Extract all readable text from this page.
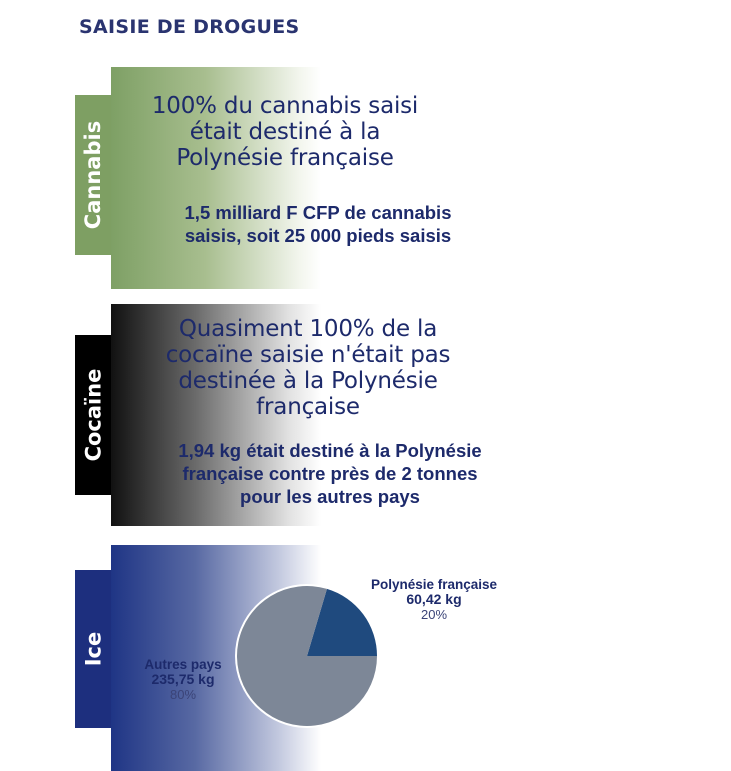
SAISIE DE DROGUES
Cannabis
100% du cannabis saisi
était destiné à la
Polynésie française
1,5 milliard F CFP de cannabis
saisis, soit 25 000 pieds saisis
Cocaïne
Quasiment 100% de la
cocaïne saisie n'était pas
destinée à la Polynésie
française
1,94 kg était destiné à la Polynésie
française contre près de 2 tonnes
pour les autres pays
Ice
Polynésie française
60,42 kg
20%
Autres pays
235,75 kg
80%
